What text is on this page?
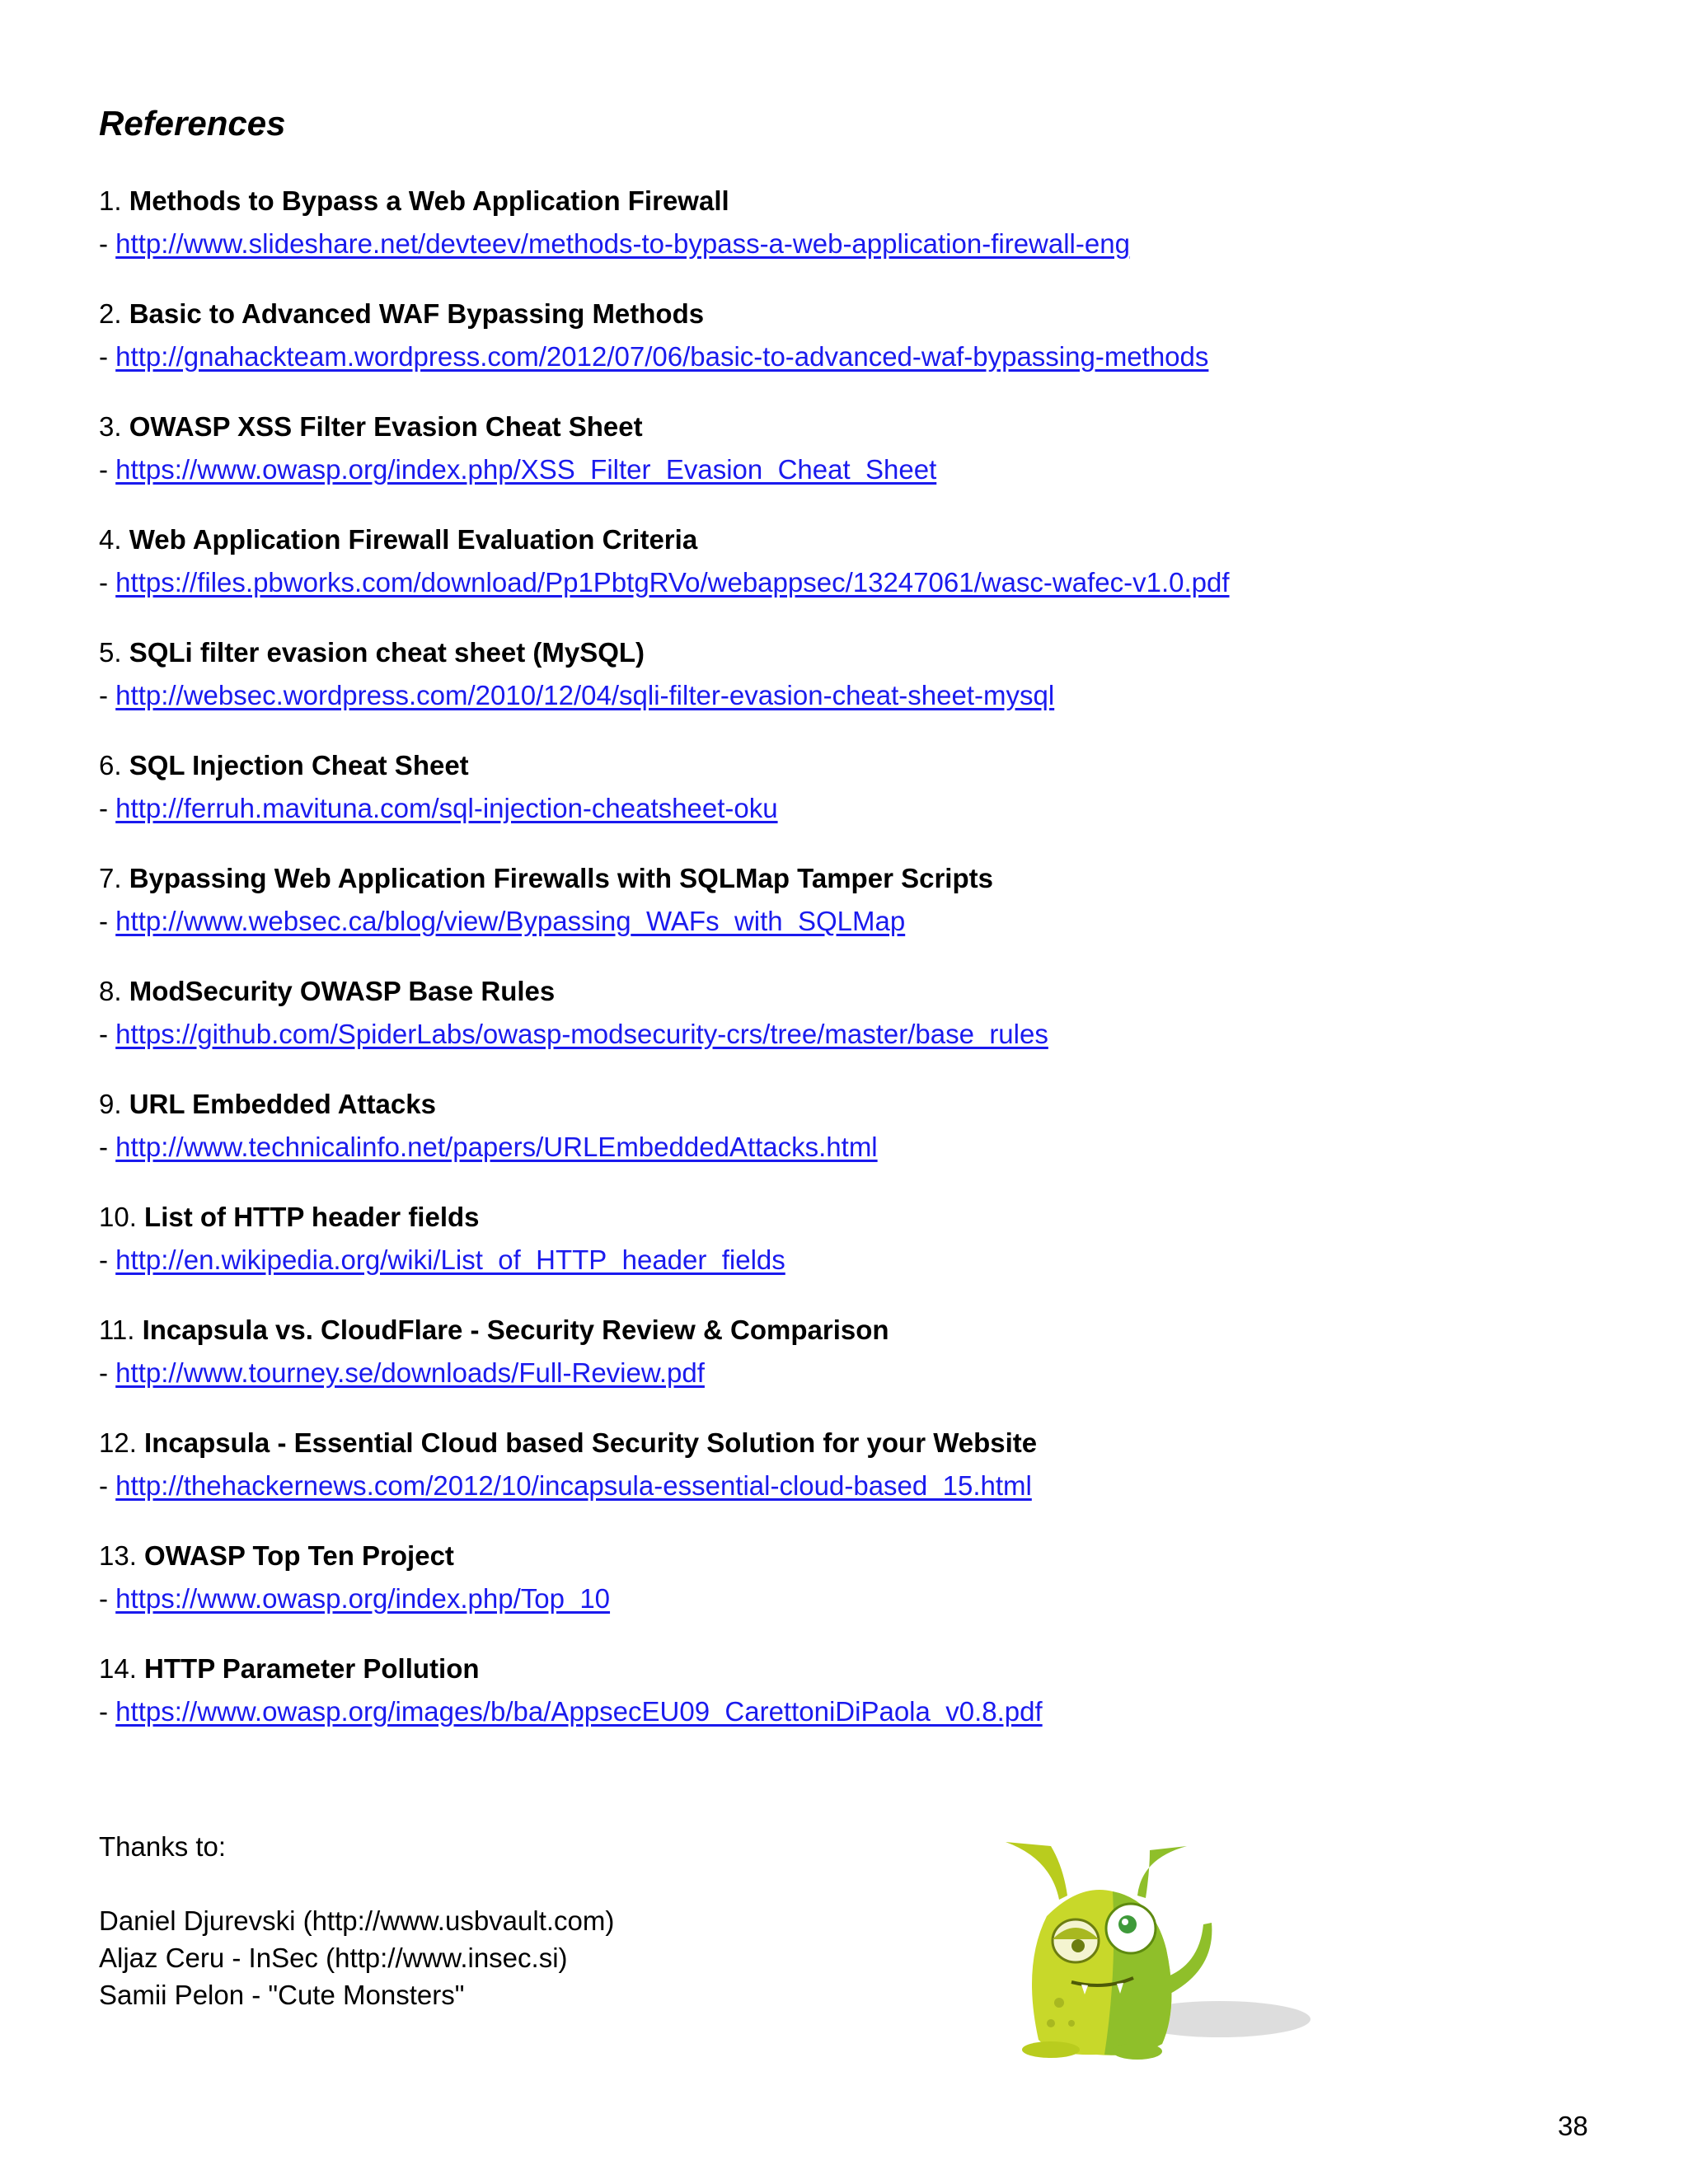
References
1. Methods to Bypass a Web Application Firewall
- http://www.slideshare.net/devteev/methods-to-bypass-a-web-application-firewall-eng
2. Basic to Advanced WAF Bypassing Methods
- http://gnahackteam.wordpress.com/2012/07/06/basic-to-advanced-waf-bypassing-methods
3. OWASP XSS Filter Evasion Cheat Sheet
- https://www.owasp.org/index.php/XSS_Filter_Evasion_Cheat_Sheet
4. Web Application Firewall Evaluation Criteria
- https://files.pbworks.com/download/Pp1PbtgRVo/webappsec/13247061/wasc-wafec-v1.0.pdf
5. SQLi filter evasion cheat sheet (MySQL)
- http://websec.wordpress.com/2010/12/04/sqli-filter-evasion-cheat-sheet-mysql
6. SQL Injection Cheat Sheet
- http://ferruh.mavituna.com/sql-injection-cheatsheet-oku
7. Bypassing Web Application Firewalls with SQLMap Tamper Scripts
- http://www.websec.ca/blog/view/Bypassing_WAFs_with_SQLMap
8. ModSecurity OWASP Base Rules
- https://github.com/SpiderLabs/owasp-modsecurity-crs/tree/master/base_rules
9. URL Embedded Attacks
- http://www.technicalinfo.net/papers/URLEmbeddedAttacks.html
10. List of HTTP header fields
- http://en.wikipedia.org/wiki/List_of_HTTP_header_fields
11. Incapsula vs. CloudFlare - Security Review & Comparison
- http://www.tourney.se/downloads/Full-Review.pdf
12. Incapsula - Essential Cloud based Security Solution for your Website
- http://thehackernews.com/2012/10/incapsula-essential-cloud-based_15.html
13. OWASP Top Ten Project
- https://www.owasp.org/index.php/Top_10
14. HTTP Parameter Pollution
- https://www.owasp.org/images/b/ba/AppsecEU09_CarettoniDiPaola_v0.8.pdf
Thanks to:
Daniel Djurevski (http://www.usbvault.com)
Aljaz Ceru - InSec (http://www.insec.si)
Samii Pelon - "Cute Monsters"
38
